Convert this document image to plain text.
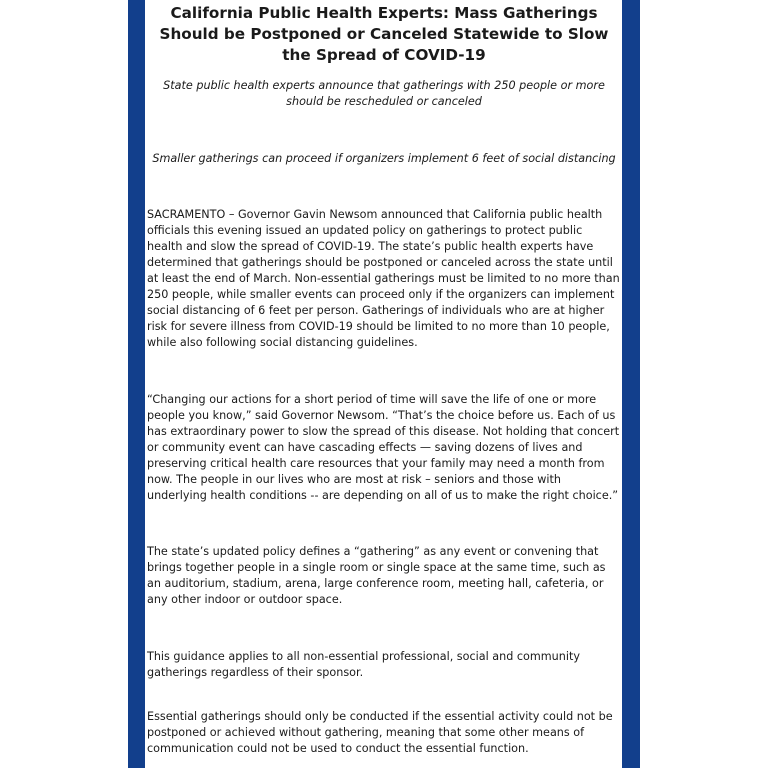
California Public Health Experts: Mass Gatherings Should be Postponed or Canceled Statewide to Slow the Spread of COVID-19

State public health experts announce that gatherings with 250 people or more should be rescheduled or canceled

Smaller gatherings can proceed if organizers implement 6 feet of social distancing

SACRAMENTO – Governor Gavin Newsom announced that California public health officials this evening issued an updated policy on gatherings to protect public health and slow the spread of COVID-19. The state’s public health experts have determined that gatherings should be postponed or canceled across the state until at least the end of March. Non-essential gatherings must be limited to no more than 250 people, while smaller events can proceed only if the organizers can implement social distancing of 6 feet per person. Gatherings of individuals who are at higher risk for severe illness from COVID-19 should be limited to no more than 10 people, while also following social distancing guidelines.

“Changing our actions for a short period of time will save the life of one or more people you know,” said Governor Newsom. “That’s the choice before us. Each of us has extraordinary power to slow the spread of this disease. Not holding that concert or community event can have cascading effects — saving dozens of lives and preserving critical health care resources that your family may need a month from now. The people in our lives who are most at risk – seniors and those with underlying health conditions -- are depending on all of us to make the right choice.”

The state’s updated policy defines a “gathering” as any event or convening that brings together people in a single room or single space at the same time, such as an auditorium, stadium, arena, large conference room, meeting hall, cafeteria, or any other indoor or outdoor space.

This guidance applies to all non-essential professional, social and community gatherings regardless of their sponsor.

Essential gatherings should only be conducted if the essential activity could not be postponed or achieved without gathering, meaning that some other means of communication could not be used to conduct the essential function.
